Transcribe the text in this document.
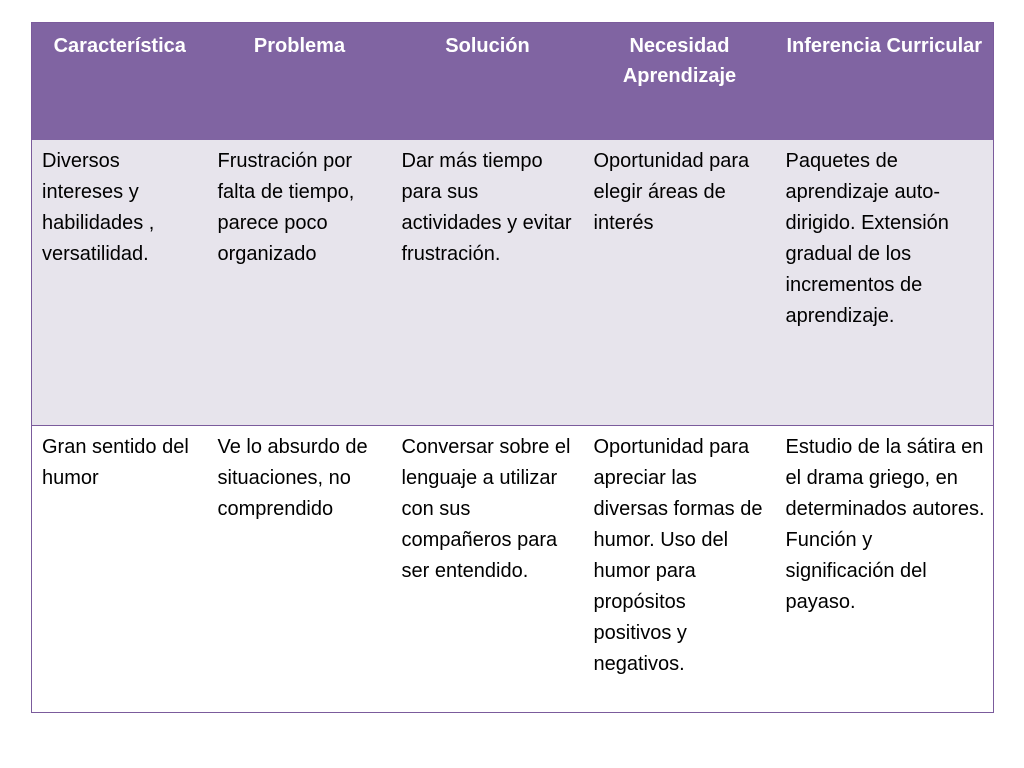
Característica	Problema	Solución	Necesidad Aprendizaje	Inferencia Curricular
Diversos intereses y habilidades , versatilidad.	Frustración por falta de tiempo, parece poco organizado	Dar más tiempo para sus actividades y evitar frustración.	Oportunidad para elegir áreas de interés	Paquetes de aprendizaje auto-dirigido. Extensión gradual de los incrementos de aprendizaje.
Gran sentido del humor	Ve lo absurdo de situaciones, no comprendido	Conversar sobre el lenguaje a utilizar con sus compañeros para ser entendido.	Oportunidad para apreciar las diversas formas de humor. Uso del humor para propósitos positivos y negativos.	Estudio de la sátira en el drama griego, en determinados autores. Función y significación del payaso.
